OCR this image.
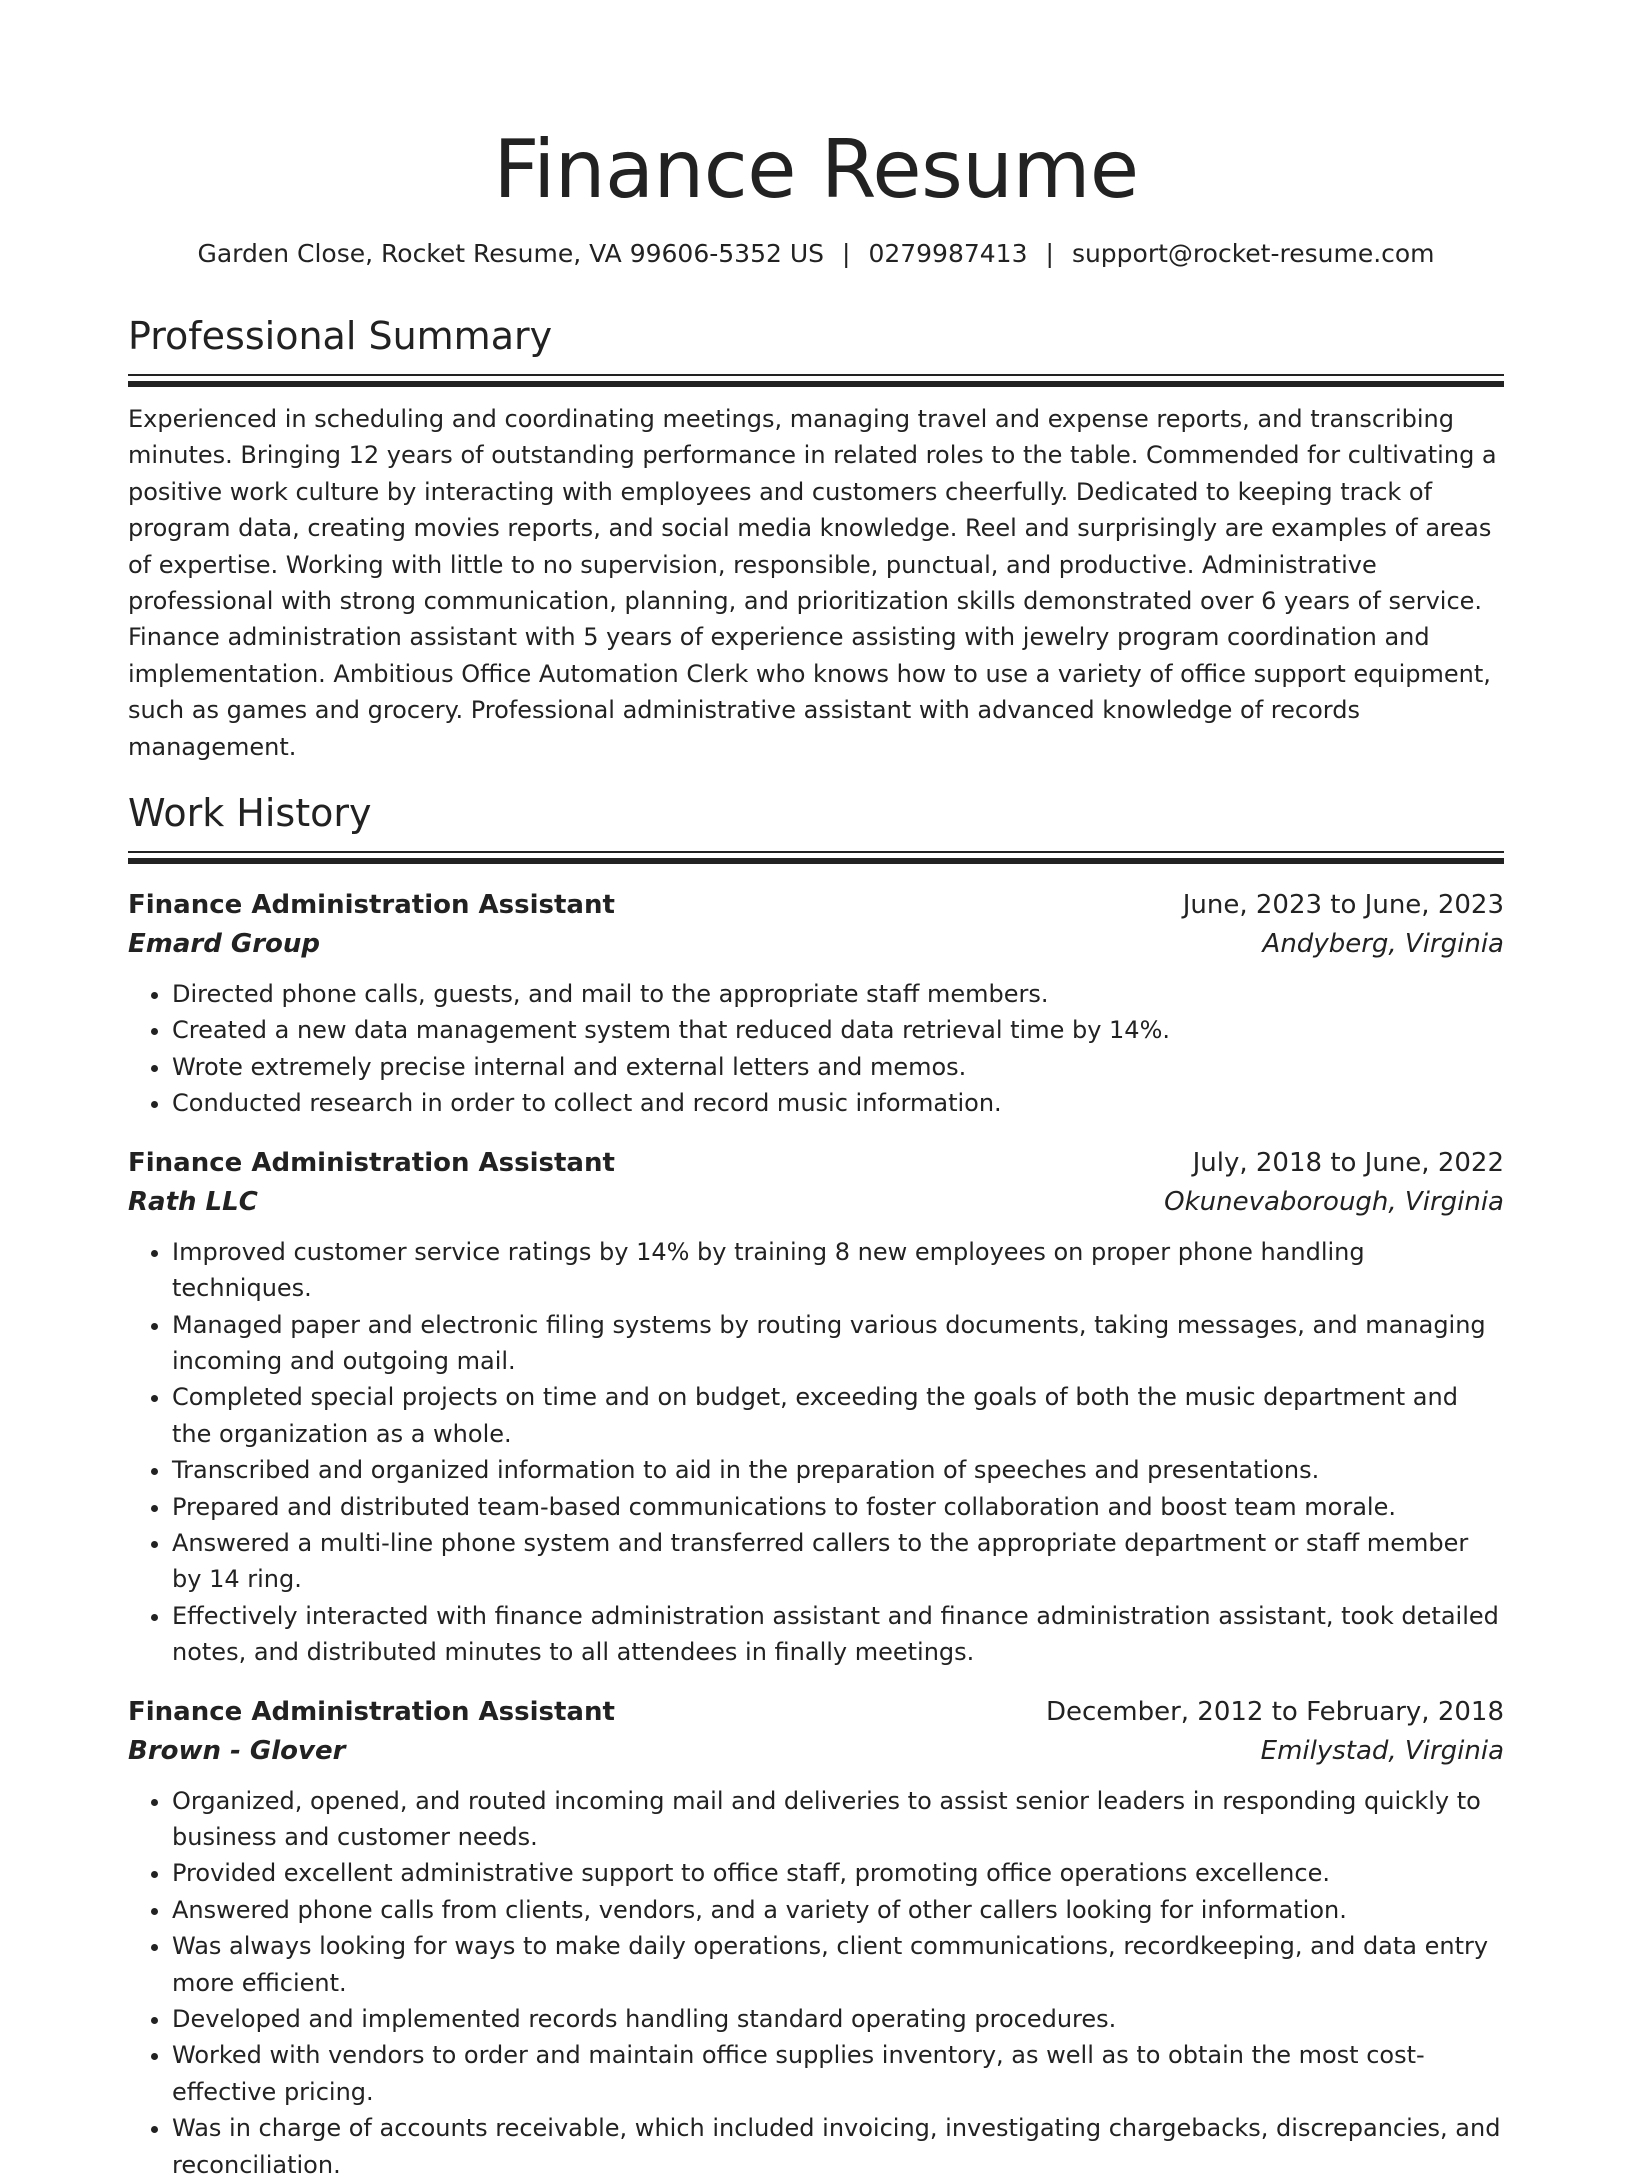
Finance Resume
Garden Close, Rocket Resume, VA 99606-5352 US | 0279987413 | support@rocket-resume.com
Professional Summary

Experienced in scheduling and coordinating meetings, managing travel and expense reports, and transcribing minutes. Bringing 12 years of outstanding performance in related roles to the table. Commended for cultivating a positive work culture by interacting with employees and customers cheerfully. Dedicated to keeping track of program data, creating movies reports, and social media knowledge. Reel and surprisingly are examples of areas of expertise. Working with little to no supervision, responsible, punctual, and productive. Administrative professional with strong communication, planning, and prioritization skills demonstrated over 6 years of service. Finance administration assistant with 5 years of experience assisting with jewelry program coordination and implementation. Ambitious Office Automation Clerk who knows how to use a variety of office support equipment, such as games and grocery. Professional administrative assistant with advanced knowledge of records management.

Work History
Finance Administration Assistant	June, 2023 to June, 2023
Emard Group	Andyberg, Virginia
• Directed phone calls, guests, and mail to the appropriate staff members.
• Created a new data management system that reduced data retrieval time by 14%.
• Wrote extremely precise internal and external letters and memos.
• Conducted research in order to collect and record music information.
Finance Administration Assistant	July, 2018 to June, 2022
Rath LLC	Okunevaborough, Virginia
• Improved customer service ratings by 14% by training 8 new employees on proper phone handling techniques.
• Managed paper and electronic filing systems by routing various documents, taking messages, and managing incoming and outgoing mail.
• Completed special projects on time and on budget, exceeding the goals of both the music department and the organization as a whole.
• Transcribed and organized information to aid in the preparation of speeches and presentations.
• Prepared and distributed team-based communications to foster collaboration and boost team morale.
• Answered a multi-line phone system and transferred callers to the appropriate department or staff member by 14 ring.
• Effectively interacted with finance administration assistant and finance administration assistant, took detailed notes, and distributed minutes to all attendees in finally meetings.
Finance Administration Assistant	December, 2012 to February, 2018
Brown - Glover	Emilystad, Virginia
• Organized, opened, and routed incoming mail and deliveries to assist senior leaders in responding quickly to business and customer needs.
• Provided excellent administrative support to office staff, promoting office operations excellence.
• Answered phone calls from clients, vendors, and a variety of other callers looking for information.
• Was always looking for ways to make daily operations, client communications, recordkeeping, and data entry more efficient.
• Developed and implemented records handling standard operating procedures.
• Worked with vendors to order and maintain office supplies inventory, as well as to obtain the most cost-effective pricing.
• Was in charge of accounts receivable, which included invoicing, investigating chargebacks, discrepancies, and reconciliation.
